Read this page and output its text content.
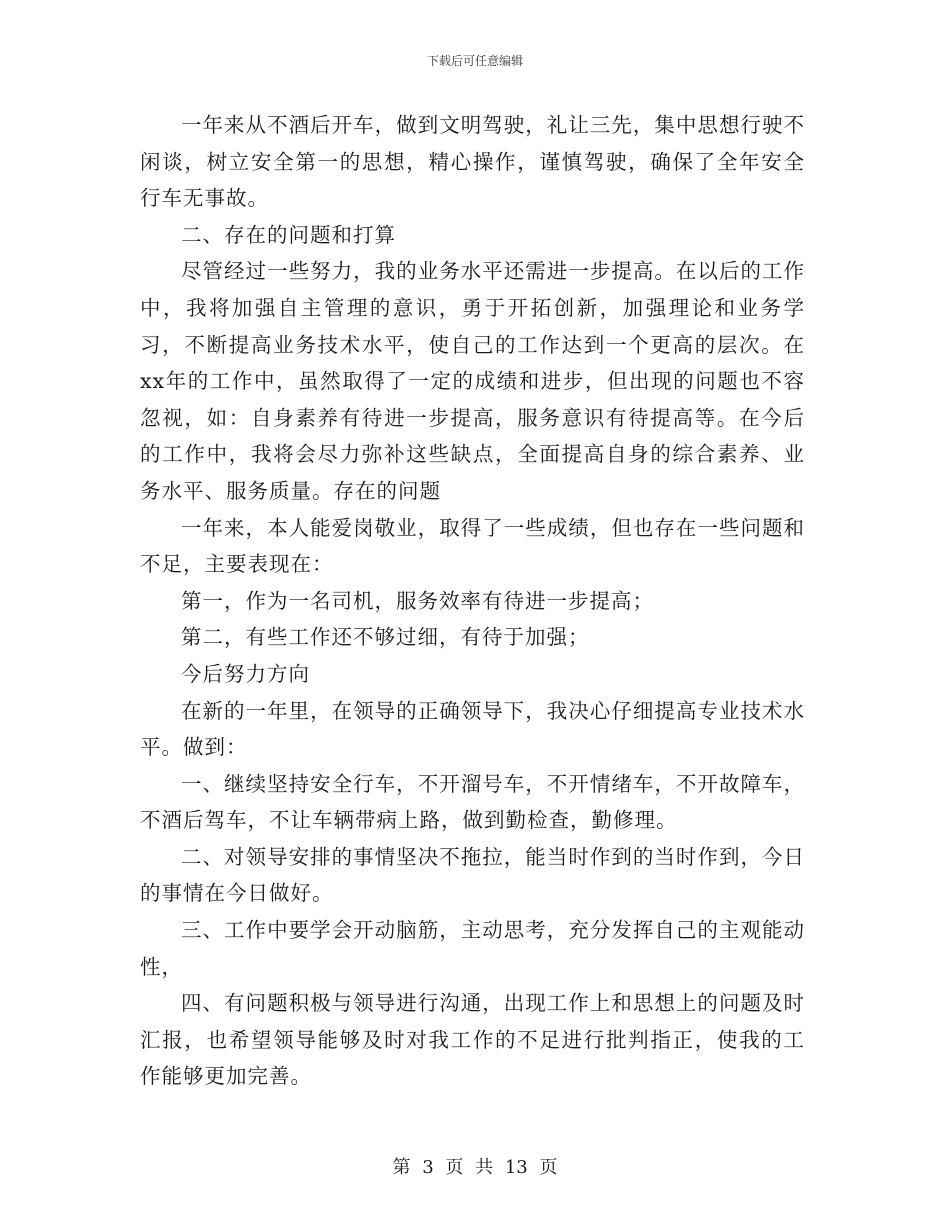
下载后可任意编辑

一年来从不酒后开车，做到文明驾驶，礼让三先，集中思想行驶不闲谈，树立安全第一的思想，精心操作，谨慎驾驶，确保了全年安全行车无事故。

二、存在的问题和打算

尽管经过一些努力，我的业务水平还需进一步提高。在以后的工作中，我将加强自主管理的意识，勇于开拓创新，加强理论和业务学习，不断提高业务技术水平，使自己的工作达到一个更高的层次。在xx年的工作中，虽然取得了一定的成绩和进步，但出现的问题也不容忽视，如：自身素养有待进一步提高，服务意识有待提高等。在今后的工作中，我将会尽力弥补这些缺点，全面提高自身的综合素养、业务水平、服务质量。存在的问题

一年来，本人能爱岗敬业，取得了一些成绩，但也存在一些问题和不足，主要表现在：

第一，作为一名司机，服务效率有待进一步提高；

第二，有些工作还不够过细，有待于加强；

今后努力方向

在新的一年里，在领导的正确领导下，我决心仔细提高专业技术水平。做到：

一、继续坚持安全行车，不开溜号车，不开情绪车，不开故障车，不酒后驾车，不让车辆带病上路，做到勤检查，勤修理。

二、对领导安排的事情坚决不拖拉，能当时作到的当时作到，今日的事情在今日做好。

三、工作中要学会开动脑筋，主动思考，充分发挥自己的主观能动性，

四、有问题积极与领导进行沟通，出现工作上和思想上的问题及时汇报，也希望领导能够及时对我工作的不足进行批判指正，使我的工作能够更加完善。

第 3 页 共 13 页
